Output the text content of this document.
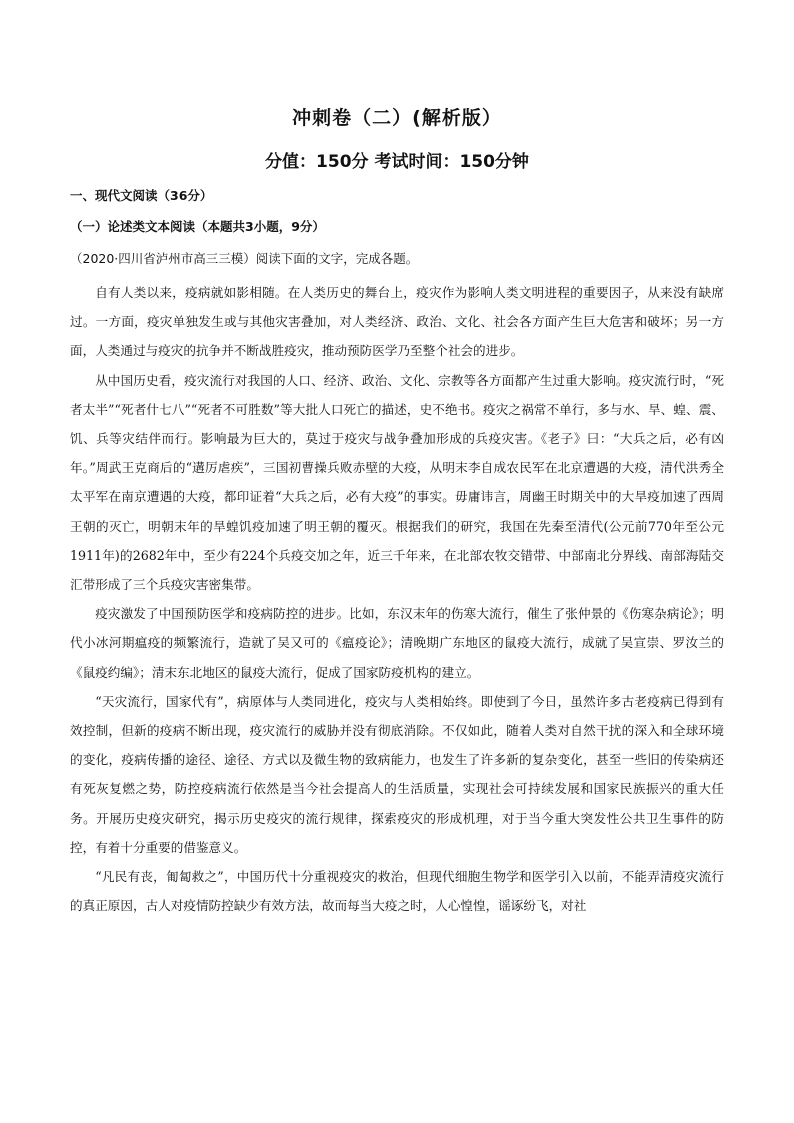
冲刺卷（二）(解析版）
分值：150分 考试时间：150分钟
一、现代文阅读（36分）
（一）论述类文本阅读（本题共3小题，9分）
（2020·四川省泸州市高三三模）阅读下面的文字，完成各题。

自有人类以来，疫病就如影相随。在人类历史的舞台上，疫灾作为影响人类文明进程的重要因子，从来没有缺席过。一方面，疫灾单独发生或与其他灾害叠加，对人类经济、政治、文化、社会各方面产生巨大危害和破坏；另一方面，人类通过与疫灾的抗争并不断战胜疫灾，推动预防医学乃至整个社会的进步。

从中国历史看，疫灾流行对我国的人口、经济、政治、文化、宗教等各方面都产生过重大影响。疫灾流行时，“死者太半”“死者什七八”“死者不可胜数”等大批人口死亡的描述，史不绝书。疫灾之祸常不单行，多与水、旱、蝗、震、饥、兵等灾结伴而行。影响最为巨大的，莫过于疫灾与战争叠加形成的兵疫灾害。《老子》曰：“大兵之后，必有凶年。”周武王克商后的“遘厉虐疾”，三国初曹操兵败赤壁的大疫，从明末李自成农民军在北京遭遇的大疫，清代洪秀全太平军在南京遭遇的大疫，都印证着“大兵之后，必有大疫”的事实。毋庸讳言，周幽王时期关中的大旱疫加速了西周王朝的灭亡，明朝末年的旱蝗饥疫加速了明王朝的覆灭。根据我们的研究，我国在先秦至清代(公元前770年至公元1911年)的2682年中，至少有224个兵疫交加之年，近三千年来，在北部农牧交错带、中部南北分界线、南部海陆交汇带形成了三个兵疫灾害密集带。

疫灾激发了中国预防医学和疫病防控的进步。比如，东汉末年的伤寒大流行，催生了张仲景的《伤寒杂病论》；明代小冰河期瘟疫的频繁流行，造就了吴又可的《瘟疫论》；清晚期广东地区的鼠疫大流行，成就了吴宣崇、罗汝兰的《鼠疫约编》；清末东北地区的鼠疫大流行，促成了国家防疫机构的建立。

“天灾流行，国家代有”，病原体与人类同进化，疫灾与人类相始终。即使到了今日，虽然许多古老疫病已得到有效控制，但新的疫病不断出现，疫灾流行的威胁并没有彻底消除。不仅如此，随着人类对自然干扰的深入和全球环境的变化，疫病传播的途径、途径、方式以及微生物的致病能力，也发生了许多新的复杂变化，甚至一些旧的传染病还有死灰复燃之势，防控疫病流行依然是当今社会提高人的生活质量，实现社会可持续发展和国家民族振兴的重大任务。开展历史疫灾研究，揭示历史疫灾的流行规律，探索疫灾的形成机理，对于当今重大突发性公共卫生事件的防控，有着十分重要的借鉴意义。

“凡民有丧，匍匐救之”，中国历代十分重视疫灾的救治，但现代细胞生物学和医学引入以前，不能弄清疫灾流行的真正原因，古人对疫情防控缺少有效方法，故而每当大疫之时，人心惶惶，谣诼纷飞，对社
